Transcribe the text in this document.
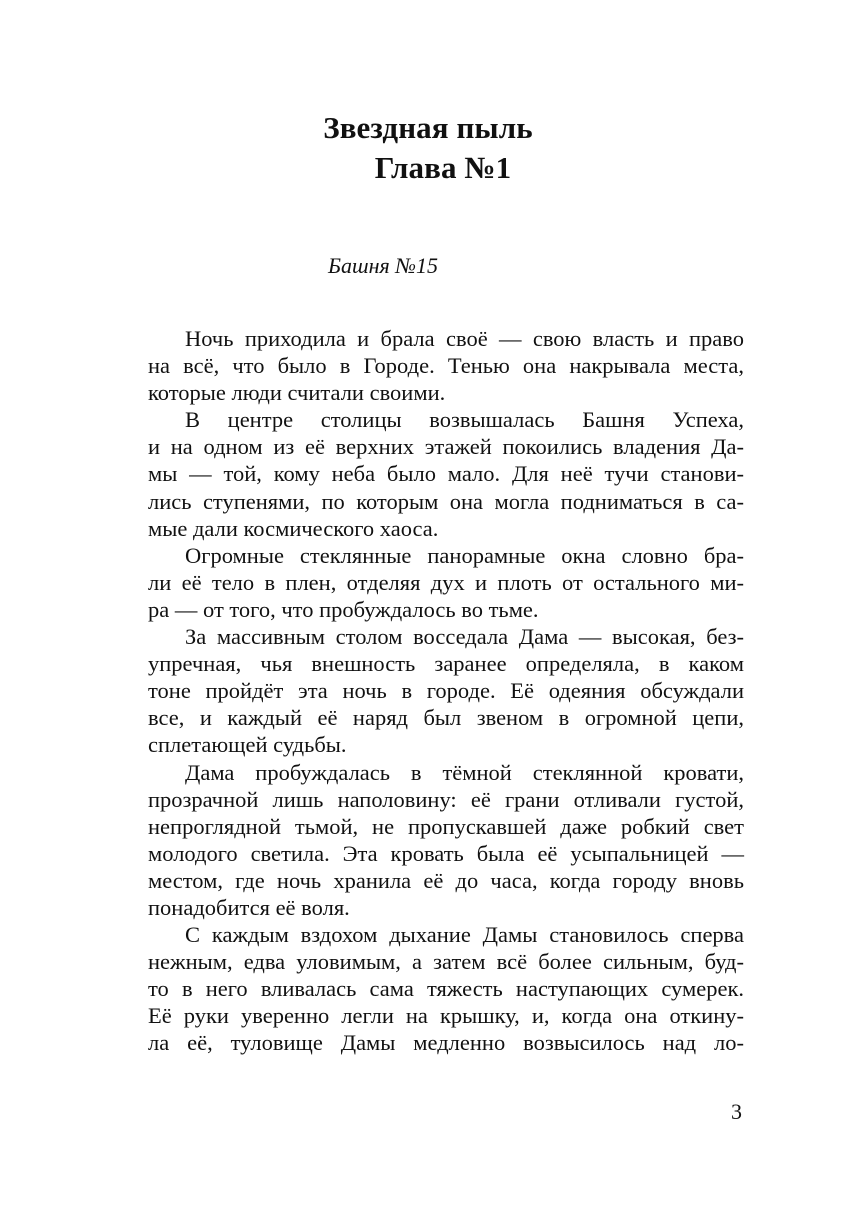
Звездная пыль
Глава №1
Башня №15
Ночь приходила и брала своё — свою власть и право
на всё, что было в Городе. Тенью она накрывала места,
которые люди считали своими.
В центре столицы возвышалась Башня Успеха,
и на одном из её верхних этажей покоились владения Да-
мы — той, кому неба было мало. Для неё тучи станови-
лись ступенями, по которым она могла подниматься в са-
мые дали космического хаоса.
Огромные стеклянные панорамные окна словно бра-
ли её тело в плен, отделяя дух и плоть от остального ми-
ра — от того, что пробуждалось во тьме.
За массивным столом восседала Дама — высокая, без-
упречная, чья внешность заранее определяла, в каком
тоне пройдёт эта ночь в городе. Её одеяния обсуждали
все, и каждый её наряд был звеном в огромной цепи,
сплетающей судьбы.
Дама пробуждалась в тёмной стеклянной кровати,
прозрачной лишь наполовину: её грани отливали густой,
непроглядной тьмой, не пропускавшей даже робкий свет
молодого светила. Эта кровать была её усыпальницей —
местом, где ночь хранила её до часа, когда городу вновь
понадобится её воля.
С каждым вздохом дыхание Дамы становилось сперва
нежным, едва уловимым, а затем всё более сильным, буд-
то в него вливалась сама тяжесть наступающих сумерек.
Её руки уверенно легли на крышку, и, когда она откину-
ла её, туловище Дамы медленно возвысилось над ло-
3
